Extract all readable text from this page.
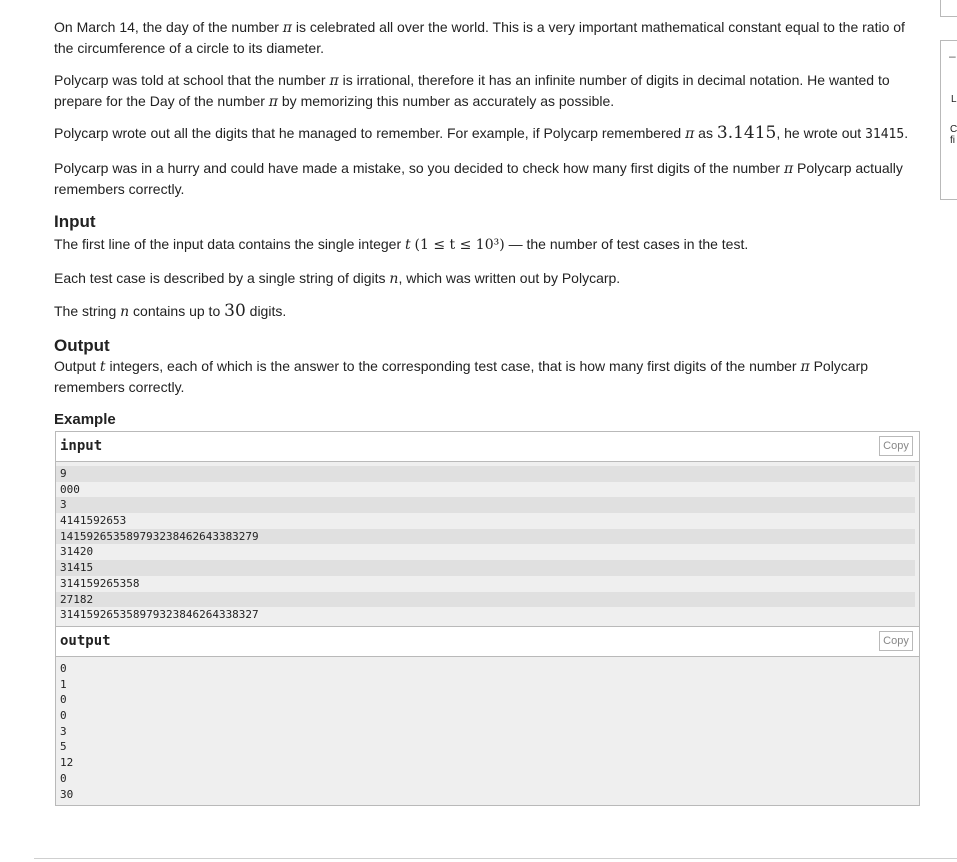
–
L
C
fi

On March 14, the day of the number π is celebrated all over the world. This is a very important mathematical constant equal to the ratio of the circumference of a circle to its diameter.

Polycarp was told at school that the number π is irrational, therefore it has an infinite number of digits in decimal notation. He wanted to prepare for the Day of the number π by memorizing this number as accurately as possible.

Polycarp wrote out all the digits that he managed to remember. For example, if Polycarp remembered π as 3.1415, he wrote out 31415.

Polycarp was in a hurry and could have made a mistake, so you decided to check how many first digits of the number π Polycarp actually remembers correctly.

Input

The first line of the input data contains the single integer t (1 ≤ t ≤ 10³) — the number of test cases in the test.

Each test case is described by a single string of digits n, which was written out by Polycarp.

The string n contains up to 30 digits.

Output

Output t integers, each of which is the answer to the corresponding test case, that is how many first digits of the number π Polycarp remembers correctly.

Example
input	Copy
9
000
3
4141592653
141592653589793238462643383279
31420
31415
314159265358
27182
314159265358979323846264338327
output	Copy
0
1
0
0
3
5
12
0
30
